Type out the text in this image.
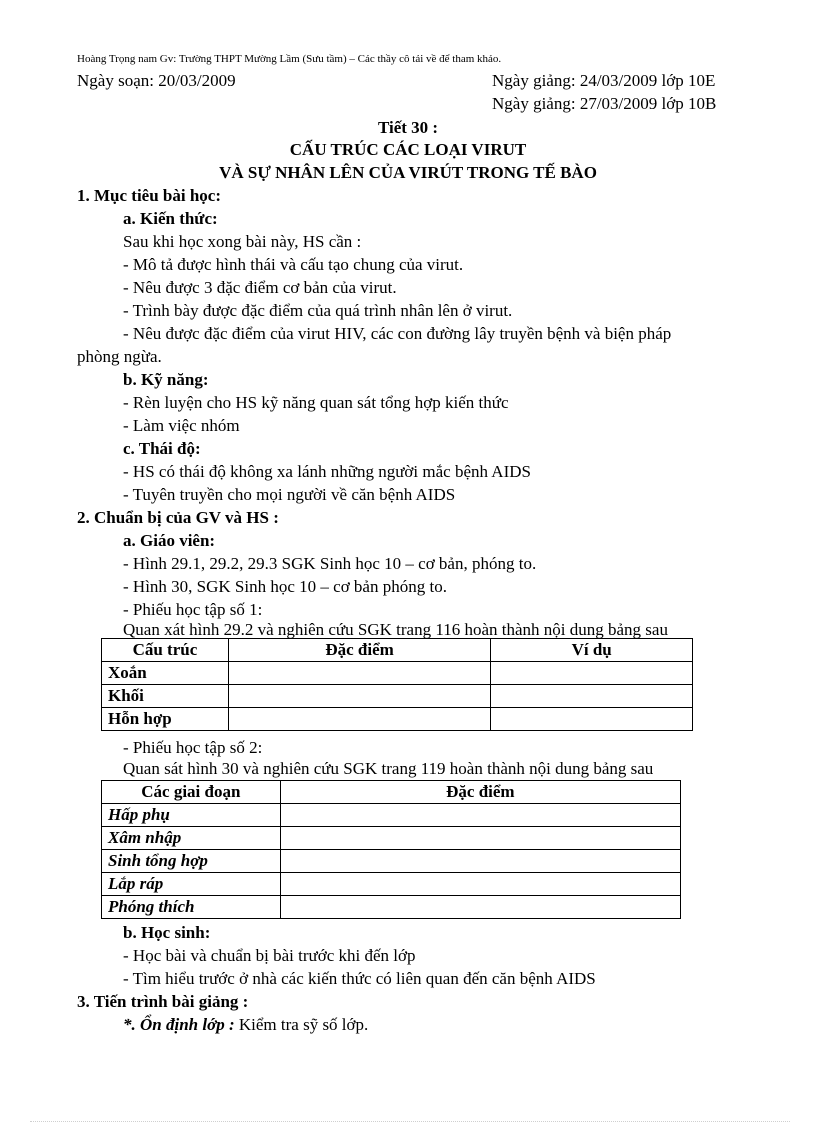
Hoàng Trọng nam Gv: Trường THPT Mường Lầm (Sưu tầm) – Các thầy cô tải về để tham khảo.
Ngày soạn: 20/03/2009	Ngày giảng: 24/03/2009 lớp 10E
Ngày giảng: 27/03/2009 lớp 10B
Tiết 30 :
CẤU TRÚC CÁC LOẠI VIRUT
VÀ SỰ NHÂN LÊN CỦA VIRÚT TRONG TẾ BÀO
1. Mục tiêu bài học:
a. Kiến thức:
Sau khi học xong bài này, HS cần :
- Mô tả được hình thái và cấu tạo chung của virut.
- Nêu được 3 đặc điểm cơ bản của virut.
- Trình bày được đặc điểm của quá trình nhân lên ở virut.
- Nêu được đặc điểm của virut HIV, các con đường lây truyền bệnh và biện pháp
phòng ngừa.
b. Kỹ năng:
- Rèn luyện cho HS kỹ năng quan sát tổng hợp kiến thức
- Làm việc nhóm
c. Thái độ:
- HS có thái độ không xa lánh những người mắc bệnh AIDS
- Tuyên truyền cho mọi người về căn bệnh AIDS
2. Chuẩn bị của GV và HS :
a. Giáo viên:
- Hình 29.1, 29.2, 29.3 SGK Sinh học 10 – cơ bản, phóng to.
- Hình 30, SGK Sinh học 10 – cơ bản phóng to.
- Phiếu học tập số 1:
Quan xát hình 29.2 và nghiên cứu SGK trang 116 hoàn thành nội dung bảng sau
Cấu trúc	Đặc điểm	Ví dụ
Xoắn		
Khối		
Hỗn hợp		
- Phiếu học tập số 2:
Quan sát hình 30 và nghiên cứu SGK trang 119 hoàn thành nội dung bảng sau
Các giai đoạn	Đặc điểm
Hấp phụ	
Xâm nhập	
Sinh tổng hợp	
Lắp ráp	
Phóng thích	
b. Học sinh:
- Học bài và chuẩn bị bài trước khi đến lớp
- Tìm hiểu trước ở nhà các kiến thức có liên quan đến căn bệnh AIDS
3. Tiến trình bài giảng :
*. Ổn định lớp : Kiểm tra sỹ số lớp.
